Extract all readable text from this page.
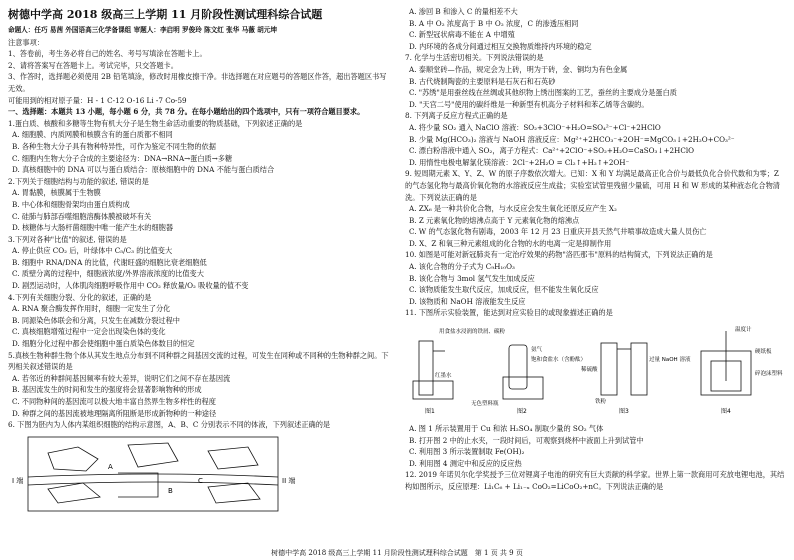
树德中学高 2018 级高三上学期 11 月阶段性测试理科综合试题
命题人：任巧 易茜 外国语高三化学备课组 审题人：李启明 罗俊玲 陈文红 张华 马薇 胡元坤
注意事项：
1、答卷前，考生务必将自己的姓名、考号写填涂在答题卡上。
2、请将答案写在答题卡上。考试完毕，只交答题卡。
3、作答时，选择题必须使用 2B 铅笔填涂，修改时用橡皮擦干净。非选择题在对应题号的答题区作答，超出答题区书写无效。
可能用到的相对原子量：H - 1 C-12 O-16 Li -7 Co-59
一、选择题：本题共 13 小题，每小题 6 分，共 78 分。在每小题给出的四个选项中，只有一项符合题目要求。
1.蛋白质、核酸和多糖等生物有机大分子是生物生命活动重要的物质基础，下列叙述正确的是
A. 细胞膜、内质网膜和核膜含有的蛋白质都不相同
B. 各种生物大分子具有物种特异性，可作为鉴定不同生物的依据
C. 细胞内生物大分子合成的主要途径为：DNA→RNA→蛋白质→多糖
D. 真核细胞中的 DNA 可以与蛋白质结合：原核细胞中的 DNA 不能与蛋白质结合
2.下列关于细胞结构与功能的叙述, 错误的是
A. 胃黏膜，核膜属于生物膜
B. 中心体和细胞骨架均由蛋白质构成
C. 硅肺与肺部吞噬细胞溶酶体膜被破坏有关
D. 核糖体与大肠杆菌细胞中唯一能产生水的细胞器
3.下列对各种"比值"的叙述, 错误的是
A. 停止供应 CO₂ 后，叶绿体中 C₅/C₃ 的比值变大
B. 细胞中 RNA/DNA 的比值，代谢旺盛的细胞比衰老细胞低
C. 质壁分离的过程中，细胞液浓度/外界溶液浓度的比值变大
D. 剧烈运动时，人体肌肉细胞呼吸作用中 CO₂ 释放量/O₂ 吸收量的值不变
4.下列有关细胞分裂、分化的叙述，正确的是
A. RNA 聚合酶发挥作用时，细胞一定发生了分化
B. 同源染色体联会和分离，只发生在减数分裂过程中
C. 真核细胞增殖过程中一定会出现染色体的变化
D. 细胞分化过程中都会使细胞中蛋白质染色体数目的恒定
5.真核生物种群生物个体从其发生地点分布到不同种群之间基因交流的过程，可发生在同种或不同种的生物种群之间。下列相关叙述错误的是
A. 若邻近的种群间基因频率有较大差异，说明它们之间不存在基因流
B. 基因流发生的时间和发生的强度将会显著影响物种的形成
C. 不同物种间的基因流可以极大地丰富自然界生物多样性的程度
D. 种群之间的基因流被地理隔离所阻断是形成新物种的一种途径
6. 下图为胚内为人体内某组织细胞的结构示意图，A、B、C 分别表示不同的体液，下列叙述正确的是
I 端	II 端
A
B
C
A. 渗回 B 和渗入 C 的量相差不大
B. A 中 O₂ 浓度高于 B 中 O₂ 浓度，C 的渗透压相同
C. 新型冠状病毒不能在 A 中增殖
D. 内环境的各成分间通过相互交换物质维持内环境的稳定
7. 化学与生活密切相关。下列说法错误的是
A. 泰顺堂砖—作品，规定会为上砖，明为于砖，金、铜均为有色金属
B. 古代烧制陶瓷的主要原料是石灰石和石英砂
C. "苏绣"是用蚕丝线在丝绸或其他织物上绣出图案的工艺，蚕丝的主要成分是蛋白质
D. "天宫二号"使用的碳纤维是一种新型有机高分子材料和苯乙烯等含碳的。
8. 下列离子反应方程式正确的是
A. 将少量 SO₂ 通入 NaClO 溶液：SO₂+3ClO⁻+H₂O=SO₄²⁻+Cl⁻+2HClO
B. 少量 Mg(HCO₃)₂ 溶液与 NaOH 溶液反应：Mg²⁺+2HCO₃⁻+2OH⁻=MgCO₃↓+2H₂O+CO₃²⁻
C. 漂白粉溶液中通入 SO₂，离子方程式：Ca²⁺+2ClO⁻+SO₂+H₂O=CaSO₃↓+2HClO
D. 用惰性电极电解氯化镁溶液：2Cl⁻+2H₂O = Cl₂↑+H₂↑+2OH⁻
9. 短周期元素 X、Y、Z、W 的原子序数依次增大。已知：X 和 Y 均满足最高正化合价与最低负化合价代数和为零；Z 的气态氢化物与最高价氧化物的水溶液反应生成盐；实验室试管里残留少量硫，可用 H 和 W 形成的某种液态化合物清洗。下列说法正确的是
A. ZX₆ 是一种共价化合物，与水反应会发生氧化还原反应产生 X₂
B. Z 元素氧化物的熔沸点高于 Y 元素氧化物的熔沸点
C. W 的气态氢化物有剧毒，2003 年 12 月 23 日重庆开县天然气井喷事故造成大量人员伤亡
D. X、Z 和氧三种元素组成的化合物的水的电离一定是抑制作用
10. 如图是可能对新冠肺炎有一定治疗效果的药物"洛匹那韦"原料的结构简式，下列说法正确的是
A. 该化合物的分子式为 C₉H₁₀O₃
B. 该化合物与 3mol 氢气发生加成反应
C. 该物质能发生取代反应，加成反应，但不能发生氧化反应
D. 该物质和 NaOH 溶液能发生反应
11. 下图所示实验装置，能达到对应实验目的或现象描述正确的是
用食盐水浸润的铁屑、碳粉
红墨水
图1
氨气
饱和食盐水（含酚酞）
无色塑料瓶
图2
稀硫酸
过量 NaOH 溶液
铁粉
图3
温度计
硬纸板
碎泡沫塑料
图4
A. 图 1 所示装置用于 Cu 和浓 H₂SO₄ 制取少量的 SO₂ 气体
B. 打开图 2 中的止水夹，一段时间后，可观察到烧杯中液面上升到试管中
C. 利用图 3 所示装置制取 Fe(OH)₂
D. 利用图 4 测定中和反应的反应热
12. 2019 年诺贝尔化学奖授予三位对锂离子电池的研究有巨大贡献的科学家。世界上第一款商用可充放电锂电池，其结构如图所示，反应原理：Li₁C₆ + Li₁₋ₓ CoO₂=LiCoO₂+nC。下列说法正确的是
树德中学高 2018 级高三上学期 11 月阶段性测试理科综合试题　第 1 页 共 9 页
